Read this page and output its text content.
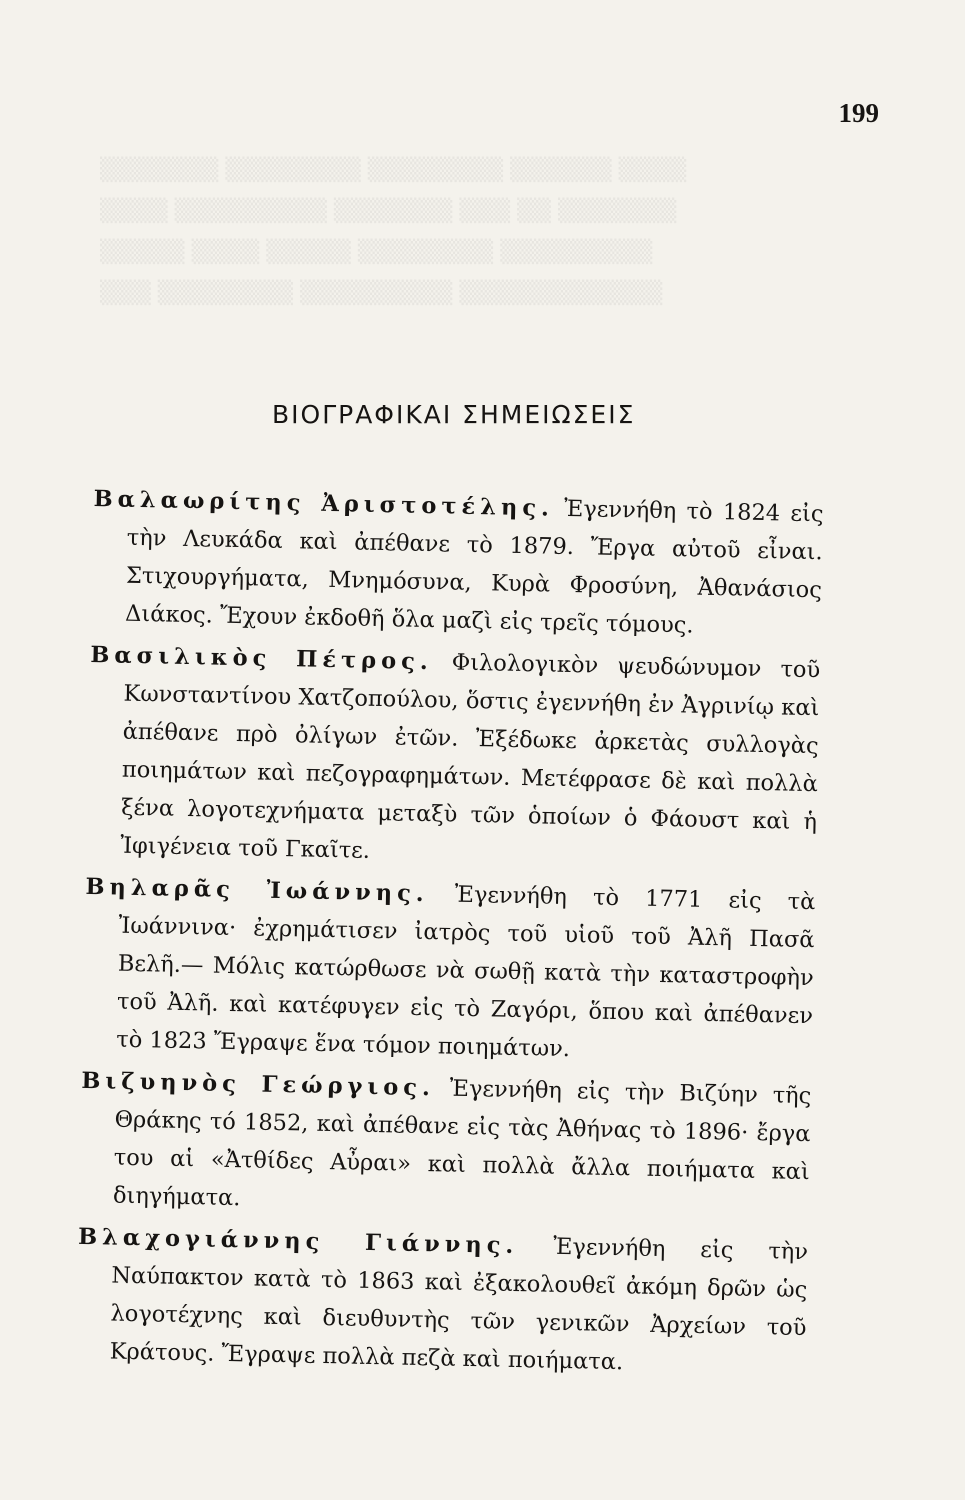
‌▒▒▒▒▒▒▒ ▒▒▒▒▒▒▒▒ ▒▒▒▒▒▒▒▒ ▒▒▒▒▒▒ ▒▒▒▒
‌▒▒▒▒ ▒▒▒▒▒▒▒▒▒ ▒▒▒▒▒▒▒ ▒▒▒ ▒▒ ▒▒▒▒▒▒▒
‌▒▒▒▒▒ ▒▒▒▒ ▒▒▒▒▒ ▒▒▒▒▒▒▒▒ ▒▒▒▒▒▒▒▒▒
‌▒▒▒ ▒▒▒▒▒▒▒▒ ▒▒▒▒▒▒▒▒▒ ▒▒▒▒▒▒▒▒▒▒▒▒
199
ΒΙΟΓΡΑΦΙΚΑΙ ΣΗΜΕΙΩΣΕΙΣ
Βαλαωρίτης Ἀριστοτέλης. Ἐγεννήθη τὸ 1824 εἰς τὴν Λευκάδα καὶ ἀπέθανε τὸ 1879. Ἔργα αὐτοῦ εἶναι. Στιχουργήματα, Μνημόσυνα, Κυρὰ Φροσύνη, Ἀθανάσιος Διάκος. Ἔχουν ἐκδοθῆ ὅλα μαζὶ εἰς τρεῖς τόμους.
Βασιλικὸς Πέτρος. Φιλολογικὸν ψευδώνυμον τοῦ Κωνσταντίνου Χατζοπούλου, ὅστις ἐγεννήθη ἐν Ἀγρινίῳ καὶ ἀπέθανε πρὸ ὀλίγων ἐτῶν. Ἐξέδωκε ἀρκετὰς συλλογὰς ποιημάτων καὶ πεζογραφημάτων. Μετέφρασε δὲ καὶ πολλὰ ξένα λογοτεχνήματα μεταξὺ τῶν ὁποίων ὁ Φάουστ καὶ ἡ Ἰφιγένεια τοῦ Γκαῖτε.
Βηλαρᾶς Ἰωάννης. Ἐγεννήθη τὸ 1771 εἰς τὰ Ἰωάννινα· ἐχρημάτισεν ἰατρὸς τοῦ υἱοῦ τοῦ Ἀλῆ Πασᾶ Βελῆ.— Μόλις κατώρθωσε νὰ σωθῇ κατὰ τὴν καταστροφὴν τοῦ Ἀλῆ. καὶ κατέφυγεν εἰς τὸ Ζαγόρι, ὅπου καὶ ἀπέθανεν τὸ 1823 Ἔγραψε ἕνα τόμον ποιημάτων.
Βιζυηνὸς Γεώργιος. Ἐγεννήθη εἰς τὴν Βιζύην τῆς Θράκης τό 1852, καὶ ἀπέθανε εἰς τὰς Ἀθήνας τὸ 1896· ἔργα του αἱ «Ἀτθίδες Αὖραι» καὶ πολλὰ ἄλλα ποιήματα καὶ διηγήματα.
Βλαχογιάννης Γιάννης. Ἐγεννήθη εἰς τὴν Ναύπακτον κατὰ τὸ 1863 καὶ ἐξακολουθεῖ ἀκόμη δρῶν ὡς λογοτέχνης καὶ διευθυντὴς τῶν γενικῶν Ἀρχείων τοῦ Κράτους. Ἔγραψε πολλὰ πεζὰ καὶ ποιήματα.
